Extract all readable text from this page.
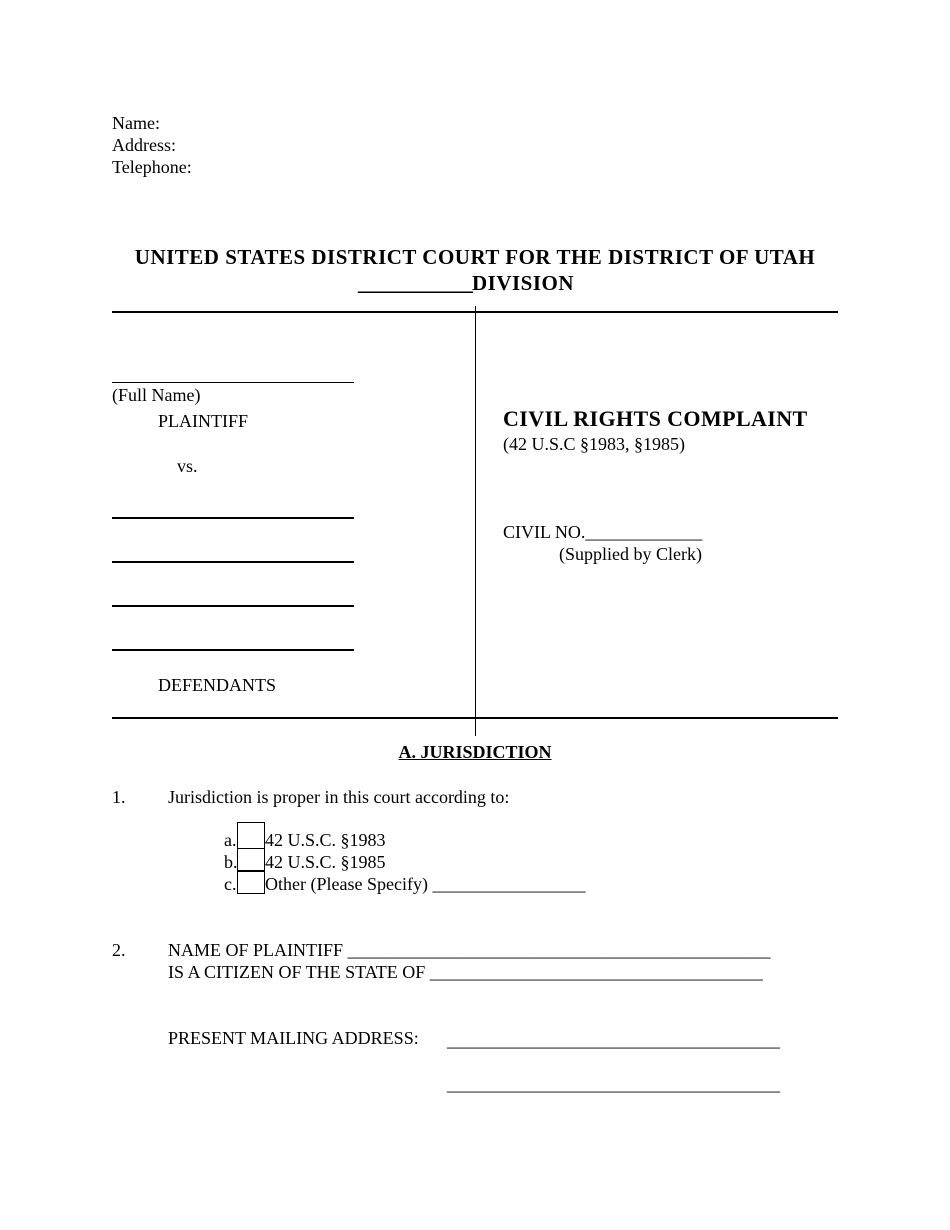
Name:
Address:
Telephone:
UNITED STATES DISTRICT COURT FOR THE DISTRICT OF UTAH
____________DIVISION
(Full Name)
PLAINTIFF
vs.
DEFENDANTS
CIVIL RIGHTS COMPLAINT
(42 U.S.C §1983, §1985)
CIVIL NO._____________
(Supplied by Clerk)
A. JURISDICTION
1. Jurisdiction is proper in this court according to:
a.
b.
c.
42 U.S.C. §1983
42 U.S.C. §1985
Other (Please Specify) _________________
2. NAME OF PLAINTIFF _______________________________________________
IS A CITIZEN OF THE STATE OF _____________________________________
PRESENT MAILING ADDRESS: _____________________________________
_____________________________________
